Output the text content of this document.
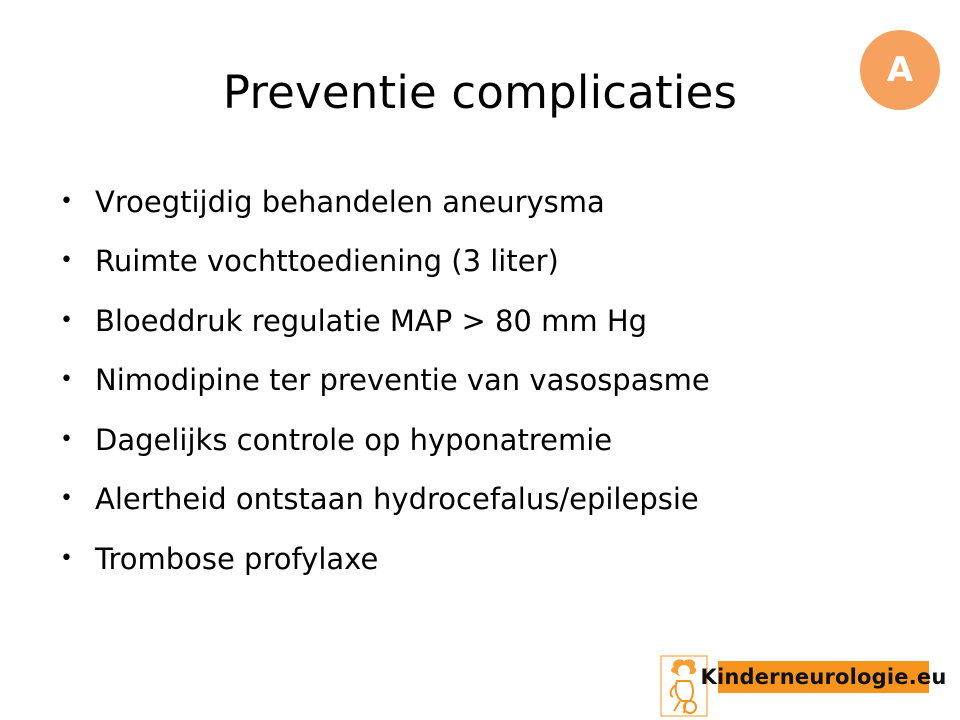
Preventie complicaties	A
• Vroegtijdig behandelen aneurysma
• Ruimte vochttoediening (3 liter)
• Bloeddruk regulatie MAP > 80 mm Hg
• Nimodipine ter preventie van vasospasme
• Dagelijks controle op hyponatremie
• Alertheid ontstaan hydrocefalus/epilepsie
• Trombose profylaxe
Kinderneurologie.eu
